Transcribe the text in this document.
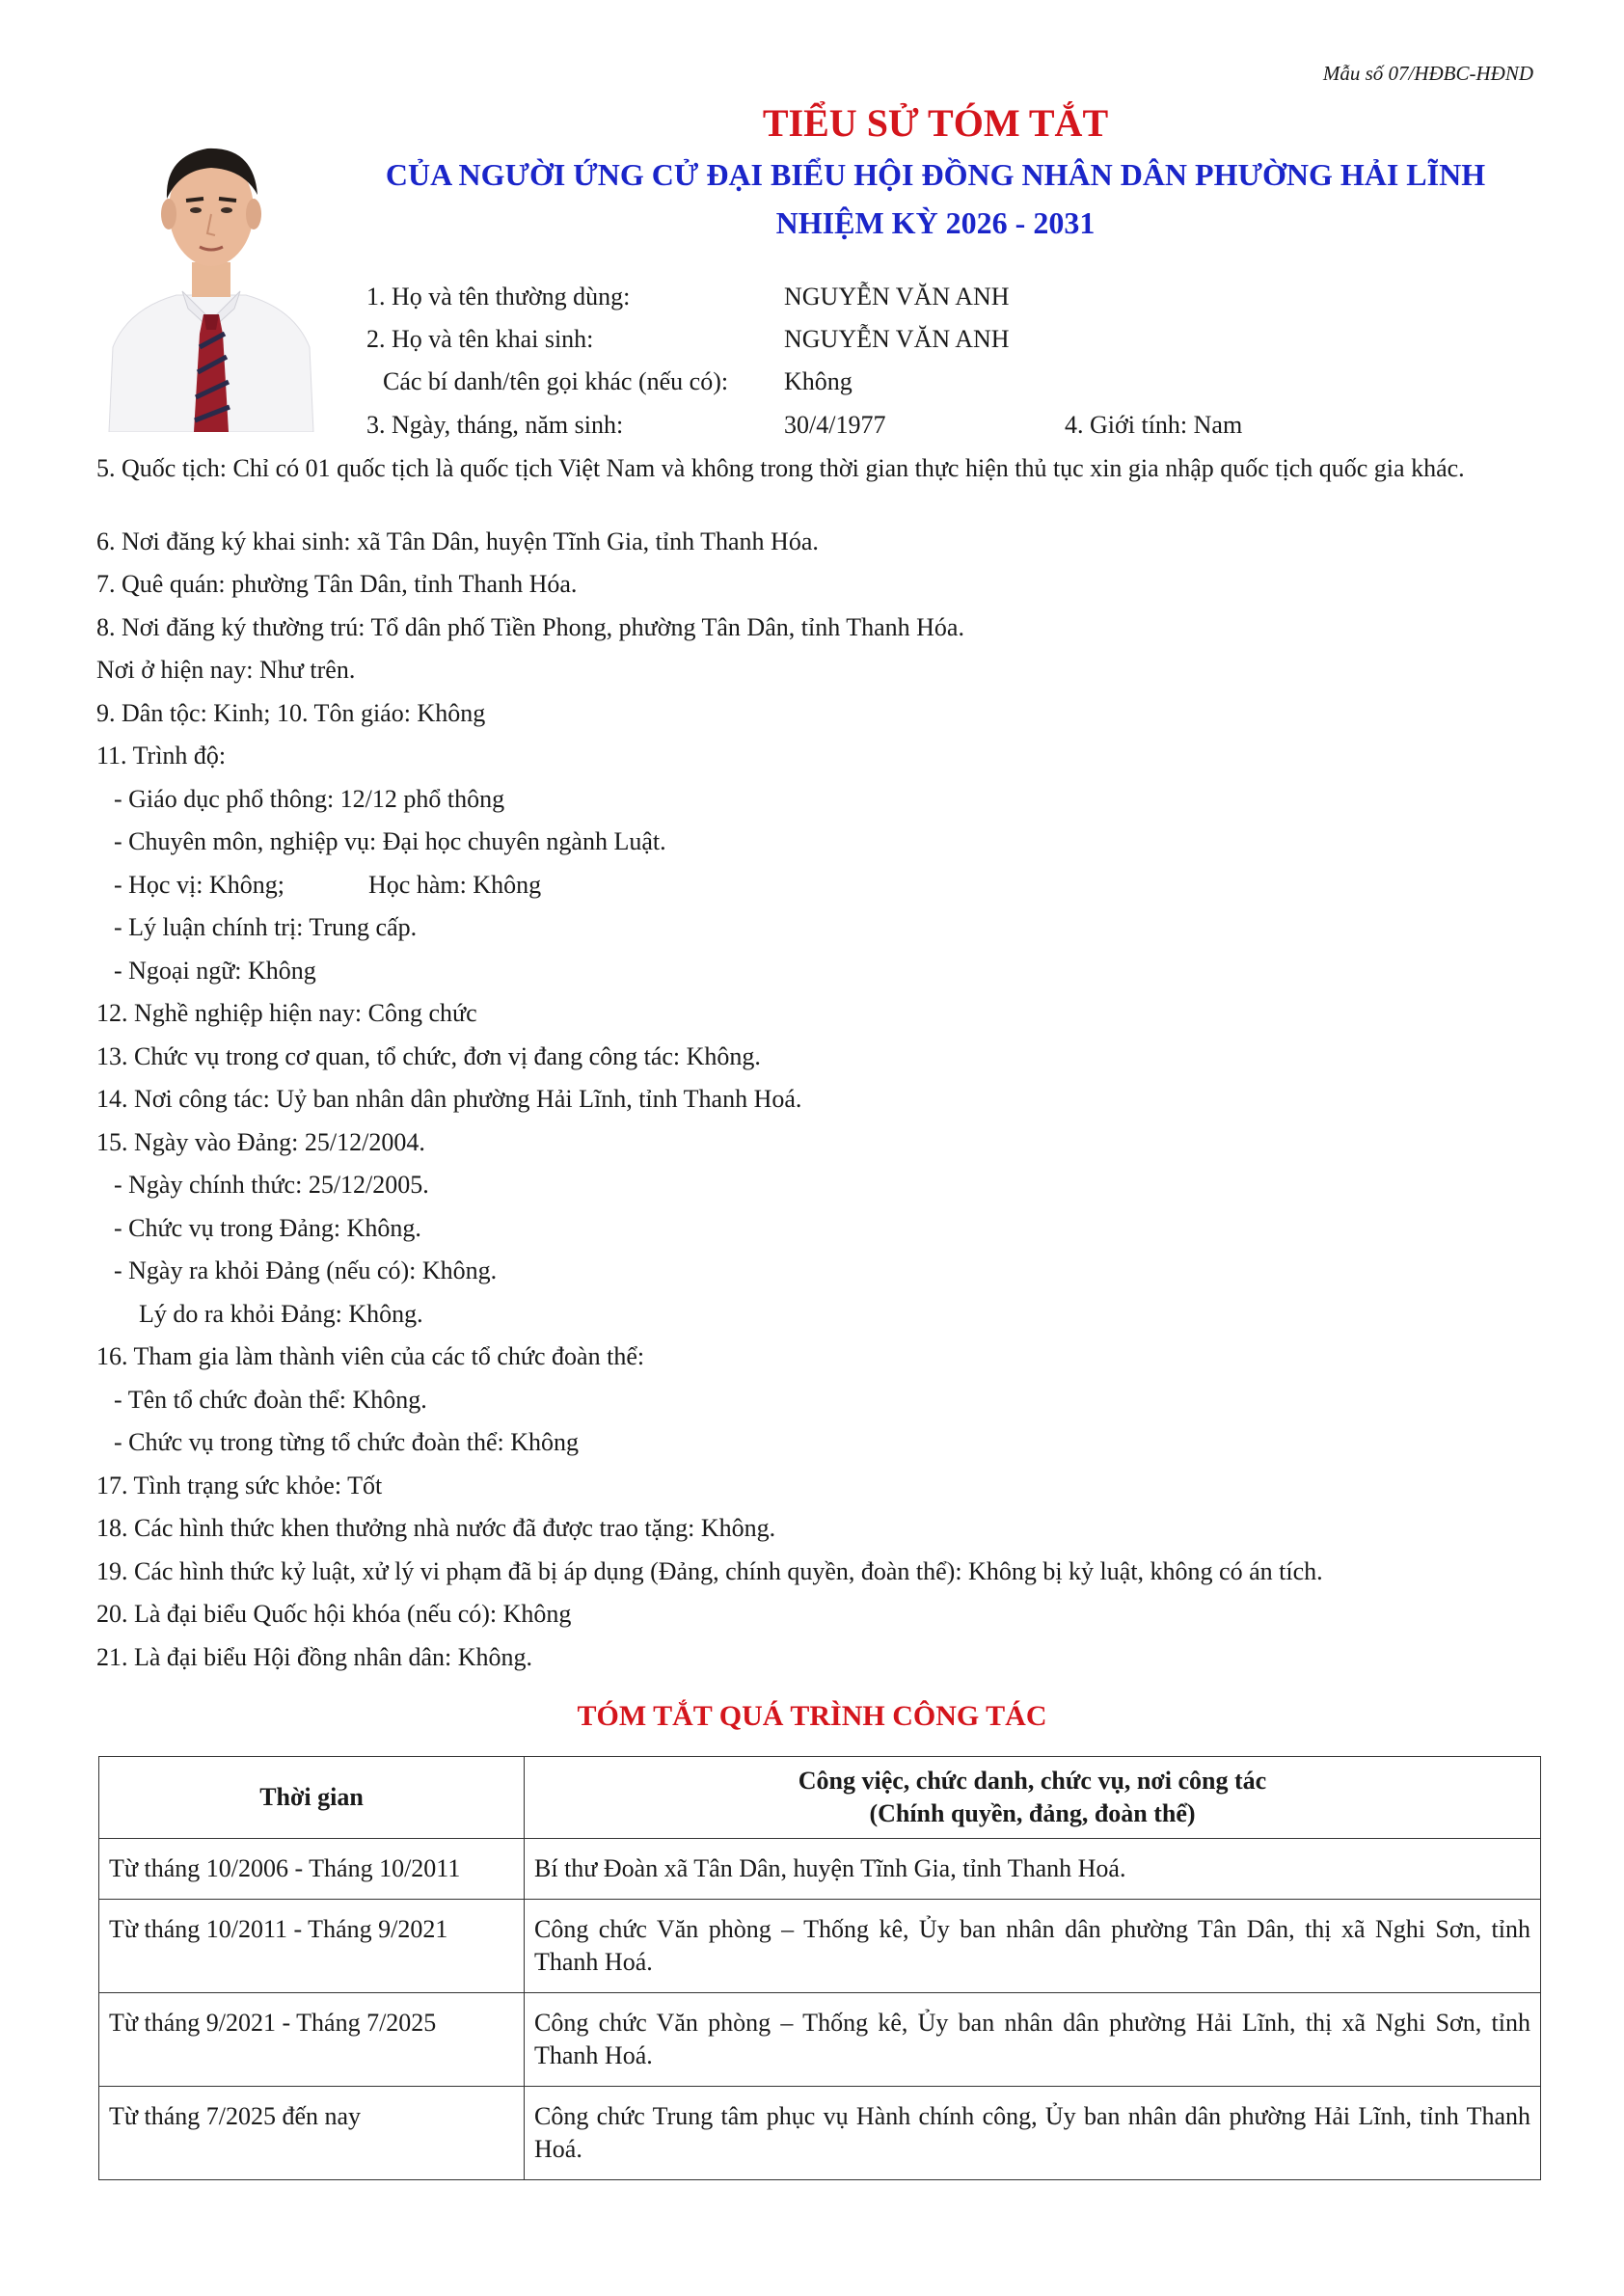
Mẫu số 07/HĐBC-HĐND
TIỂU SỬ TÓM TẮT
CỦA NGƯỜI ỨNG CỬ ĐẠI BIỂU HỘI ĐỒNG NHÂN DÂN PHƯỜNG HẢI LĨNH
NHIỆM KỲ 2026 - 2031
1. Họ và tên thường dùng:	NGUYỄN VĂN ANH
2. Họ và tên khai sinh:	NGUYỄN VĂN ANH
Các bí danh/tên gọi khác (nếu có): Không
3. Ngày, tháng, năm sinh:	30/4/1977	4. Giới tính: Nam
5. Quốc tịch: Chỉ có 01 quốc tịch là quốc tịch Việt Nam và không trong thời gian thực hiện thủ tục xin gia nhập quốc tịch quốc gia khác.
6. Nơi đăng ký khai sinh: xã Tân Dân, huyện Tĩnh Gia, tỉnh Thanh Hóa.
7. Quê quán: phường Tân Dân, tỉnh Thanh Hóa.
8. Nơi đăng ký thường trú: Tổ dân phố Tiền Phong, phường Tân Dân, tỉnh Thanh Hóa.
Nơi ở hiện nay: Như trên.
9. Dân tộc: Kinh; 10. Tôn giáo: Không
11. Trình độ:
- Giáo dục phổ thông: 12/12 phổ thông
- Chuyên môn, nghiệp vụ: Đại học chuyên ngành Luật.
- Học vị: Không;	Học hàm: Không
- Lý luận chính trị: Trung cấp.
- Ngoại ngữ: Không
12. Nghề nghiệp hiện nay: Công chức
13. Chức vụ trong cơ quan, tổ chức, đơn vị đang công tác: Không.
14. Nơi công tác: Uỷ ban nhân dân phường Hải Lĩnh, tỉnh Thanh Hoá.
15. Ngày vào Đảng: 25/12/2004.
- Ngày chính thức: 25/12/2005.
- Chức vụ trong Đảng: Không.
- Ngày ra khỏi Đảng (nếu có): Không.
Lý do ra khỏi Đảng: Không.
16. Tham gia làm thành viên của các tổ chức đoàn thể:
- Tên tổ chức đoàn thể: Không.
- Chức vụ trong từng tổ chức đoàn thể: Không
17. Tình trạng sức khỏe: Tốt
18. Các hình thức khen thưởng nhà nước đã được trao tặng: Không.
19. Các hình thức kỷ luật, xử lý vi phạm đã bị áp dụng (Đảng, chính quyền, đoàn thể): Không bị kỷ luật, không có án tích.
20. Là đại biểu Quốc hội khóa (nếu có): Không
21. Là đại biểu Hội đồng nhân dân: Không.
TÓM TẮT QUÁ TRÌNH CÔNG TÁC
Thời gian	Công việc, chức danh, chức vụ, nơi công tác
(Chính quyền, đảng, đoàn thể)

Từ tháng 10/2006 - Tháng 10/2011	Bí thư Đoàn xã Tân Dân, huyện Tĩnh Gia, tỉnh Thanh Hoá.
Từ tháng 10/2011 - Tháng 9/2021	Công chức Văn phòng – Thống kê, Ủy ban nhân dân phường Tân Dân, thị xã Nghi Sơn, tỉnh Thanh Hoá.
Từ tháng 9/2021 - Tháng 7/2025	Công chức Văn phòng – Thống kê, Ủy ban nhân dân phường Hải Lĩnh, thị xã Nghi Sơn, tỉnh Thanh Hoá.
Từ tháng 7/2025 đến nay	Công chức Trung tâm phục vụ Hành chính công, Ủy ban nhân dân phường Hải Lĩnh, tỉnh Thanh Hoá.
